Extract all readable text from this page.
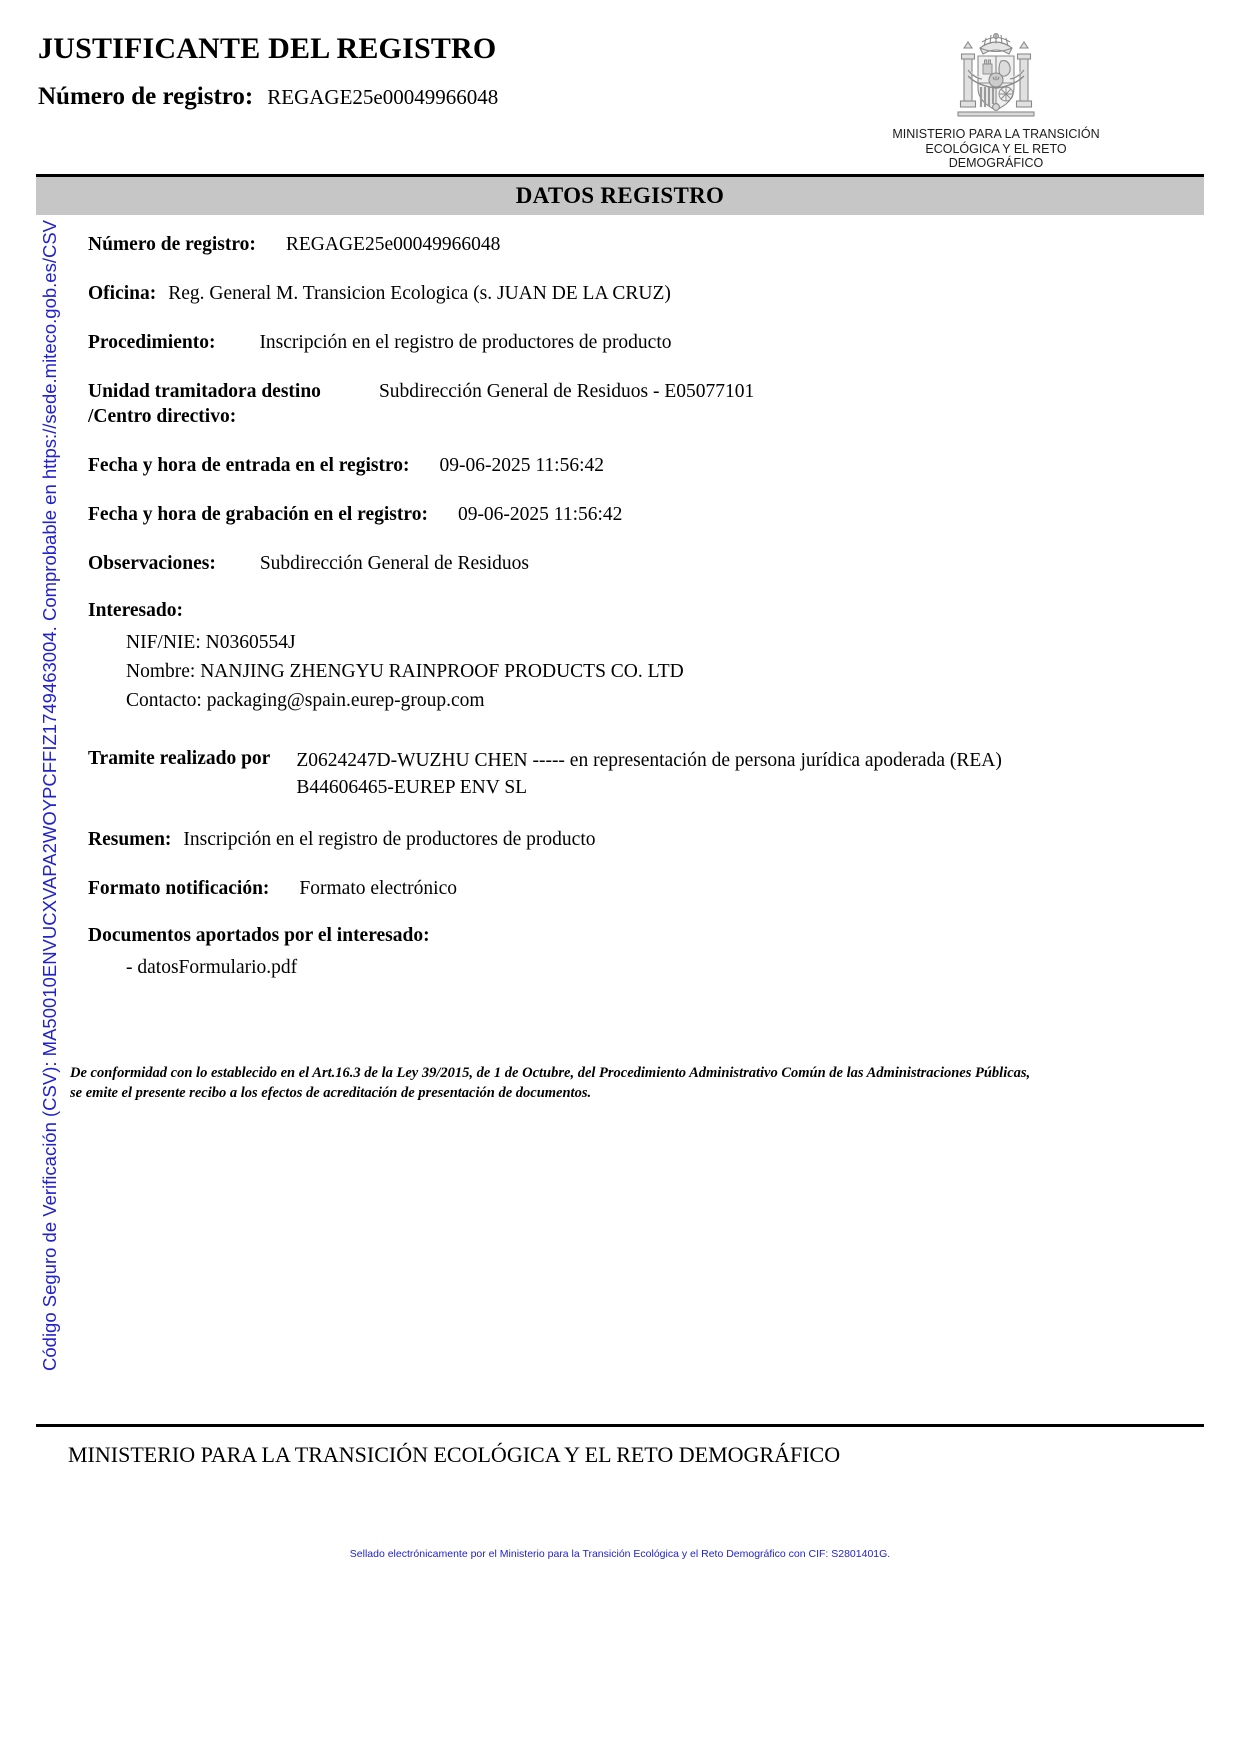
JUSTIFICANTE DEL REGISTRO
Número de registro: REGAGE25e00049966048
MINISTERIO PARA LA TRANSICIÓN
ECOLÓGICA Y EL RETO
DEMOGRÁFICO
DATOS REGISTRO
Número de registro: REGAGE25e00049966048
Oficina: Reg. General M. Transicion Ecologica (s. JUAN DE LA CRUZ)
Procedimiento: Inscripción en el registro de productores de producto
Unidad tramitadora destino	Subdirección General de Residuos - E05077101
/Centro directivo:
Fecha y hora de entrada en el registro: 09-06-2025 11:56:42
Fecha y hora de grabación en el registro: 09-06-2025 11:56:42
Observaciones: Subdirección General de Residuos
Interesado:
NIF/NIE: N0360554J
Nombre: NANJING ZHENGYU RAINPROOF PRODUCTS CO. LTD
Contacto: packaging@spain.eurep-group.com
Tramite realizado por Z0624247D-WUZHU CHEN ----- en representación de persona jurídica apoderada (REA)
B44606465-EUREP ENV SL
Resumen: Inscripción en el registro de productores de producto
Formato notificación: Formato electrónico
Documentos aportados por el interesado:
- datosFormulario.pdf
De conformidad con lo establecido en el Art.16.3 de la Ley 39/2015, de 1 de Octubre, del Procedimiento Administrativo Común de las Administraciones Públicas,
se emite el presente recibo a los efectos de acreditación de presentación de documentos.
Código Seguro de Verificación (CSV): MA50010ENVUCXVAPA2WOYPCFFIZ1749463004. Comprobable en https://sede.miteco.gob.es/CSV
MINISTERIO PARA LA TRANSICIÓN ECOLÓGICA Y EL RETO DEMOGRÁFICO
Sellado electrónicamente por el Ministerio para la Transición Ecológica y el Reto Demográfico con CIF: S2801401G.
